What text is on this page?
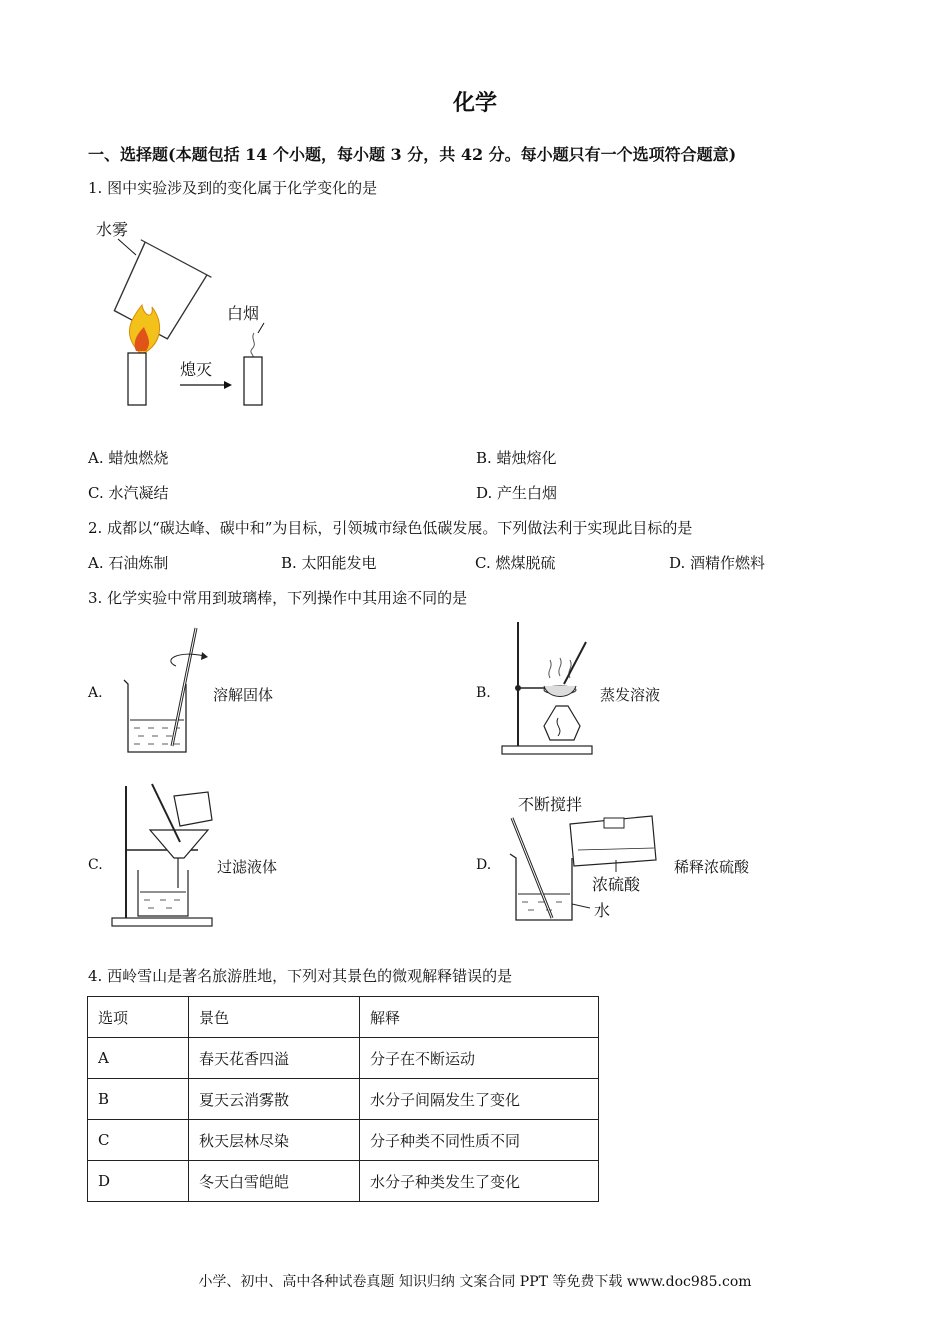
化学
一、选择题(本题包括 14 个小题，每小题 3 分，共 42 分。每小题只有一个选项符合题意)
1. 图中实验涉及到的变化属于化学变化的是
水雾
熄灭
白烟
A. 蜡烛燃烧	B. 蜡烛熔化
C. 水汽凝结	D. 产生白烟
2. 成都以“碳达峰、碳中和”为目标，引领城市绿色低碳发展。下列做法利于实现此目标的是
A. 石油炼制	B. 太阳能发电	C. 燃煤脱硫	D. 酒精作燃料
3. 化学实验中常用到玻璃棒，下列操作中其用途不同的是
A.	溶解固体	B.	蒸发溶液
C.	过滤液体	D.
不断搅拌
浓硫酸
水
稀释浓硫酸
4. 西岭雪山是著名旅游胜地，下列对其景色的微观解释错误的是
选项	景色	解释
A	春天花香四溢	分子在不断运动
B	夏天云消雾散	水分子间隔发生了变化
C	秋天层林尽染	分子种类不同性质不同
D	冬天白雪皑皑	水分子种类发生了变化
小学、初中、高中各种试卷真题 知识归纳 文案合同 PPT 等免费下载 www.doc985.com
